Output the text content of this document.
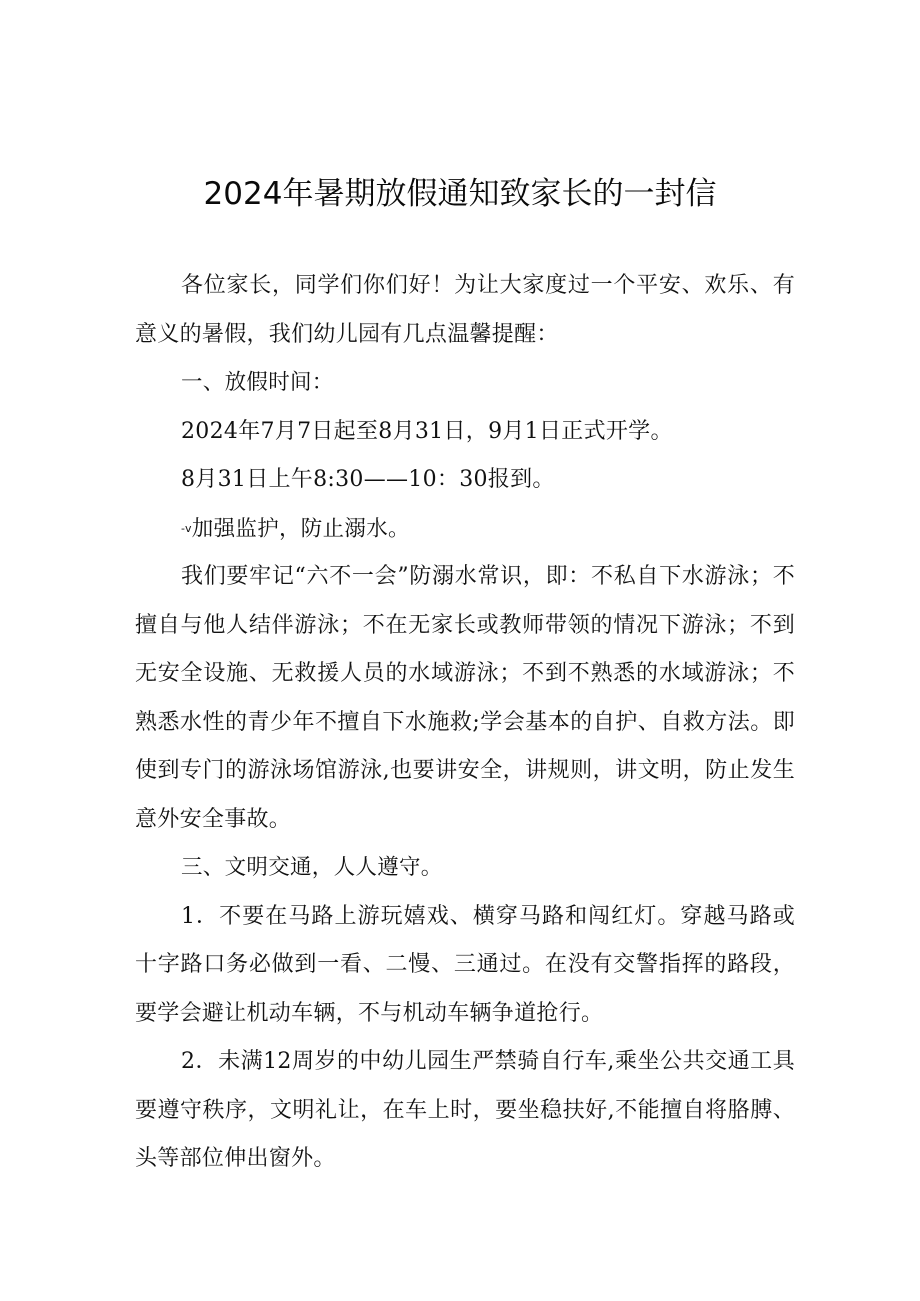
2024年暑期放假通知致家长的一封信

各位家长，同学们你们好！为让大家度过一个平安、欢乐、有意义的暑假，我们幼儿园有几点温馨提醒：

一、放假时间：

2024年7月7日起至8月31日，9月1日正式开学。

8月31日上午8:30——10：30报到。

-v加强监护，防止溺水。

我们要牢记“六不一会”防溺水常识，即：不私自下水游泳；不擅自与他人结伴游泳；不在无家长或教师带领的情况下游泳；不到无安全设施、无救援人员的水域游泳；不到不熟悉的水域游泳；不熟悉水性的青少年不擅自下水施救;学会基本的自护、自救方法。即使到专门的游泳场馆游泳,也要讲安全，讲规则，讲文明，防止发生意外安全事故。

三、文明交通，人人遵守。

1．不要在马路上游玩嬉戏、横穿马路和闯红灯。穿越马路或十字路口务必做到一看、二慢、三通过。在没有交警指挥的路段，要学会避让机动车辆，不与机动车辆争道抢行。

2．未满12周岁的中幼儿园生严禁骑自行车,乘坐公共交通工具要遵守秩序，文明礼让，在车上时，要坐稳扶好,不能擅自将胳膊、头等部位伸出窗外。
